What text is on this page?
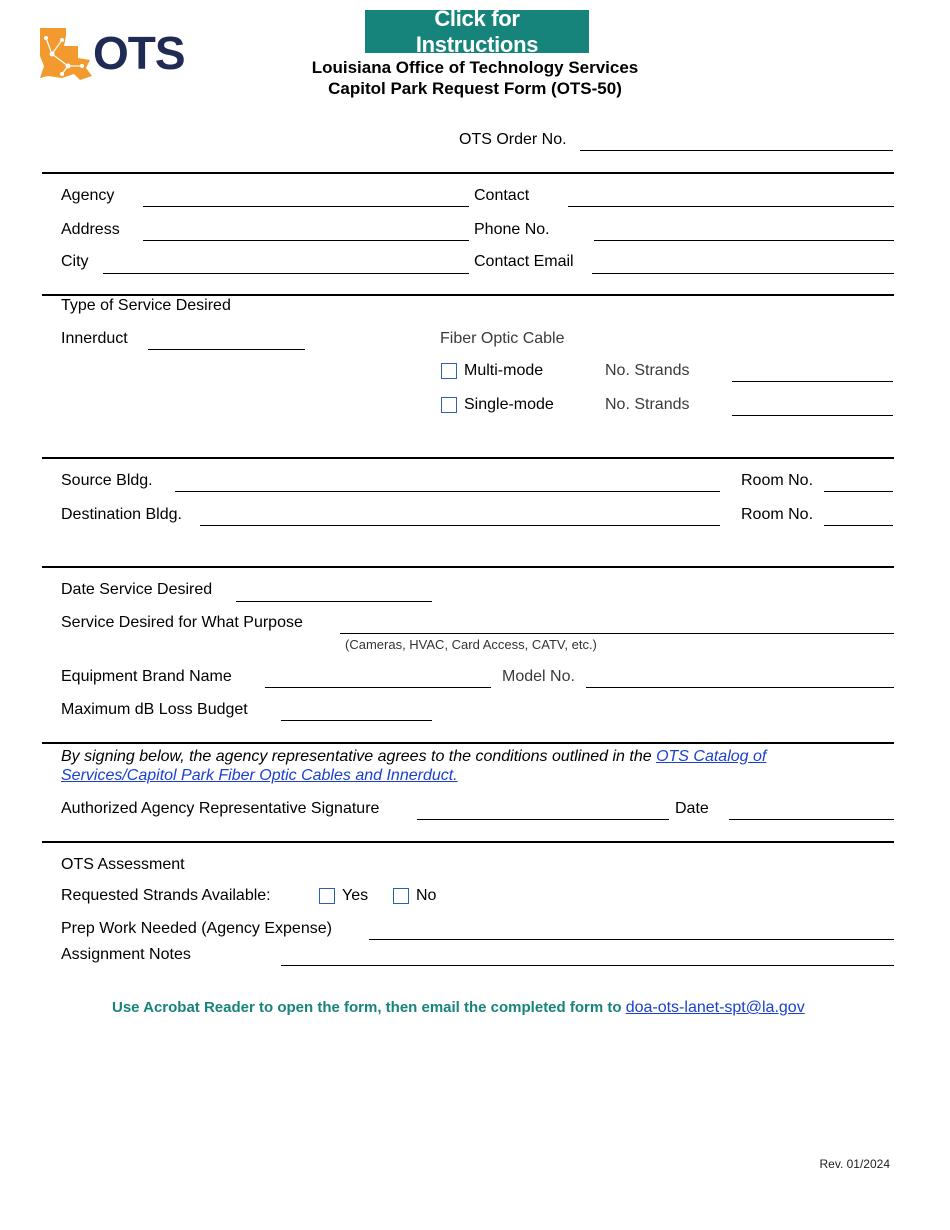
OTS
Click for Instructions
Louisiana Office of Technology Services
Capitol Park Request Form (OTS-50)
OTS Order No.
Agency	Contact
Address	Phone No.
City	Contact Email
Type of Service Desired
Innerduct	Fiber Optic Cable
Multi-mode	No. Strands
Single-mode	No. Strands
Source Bldg.	Room No.
Destination Bldg.	Room No.
Date Service Desired
Service Desired for What Purpose
(Cameras, HVAC, Card Access, CATV, etc.)
Equipment Brand Name	Model No.
Maximum dB Loss Budget
By signing below, the agency representative agrees to the conditions outlined in the OTS Catalog of Services/Capitol Park Fiber Optic Cables and Innerduct.
Authorized Agency Representative Signature	Date
OTS Assessment
Requested Strands Available:	Yes	No
Prep Work Needed (Agency Expense)
Assignment Notes
Use Acrobat Reader to open the form, then email the completed form to doa-ots-lanet-spt@la.gov
Rev. 01/2024
